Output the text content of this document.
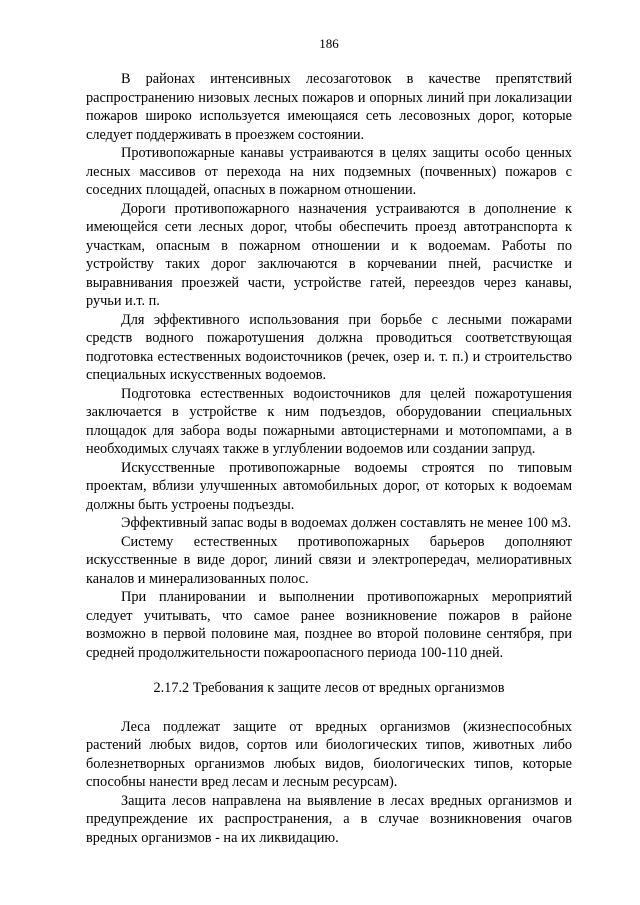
186

В районах интенсивных лесозаготовок в качестве препятствий распространению низовых лесных пожаров и опорных линий при локализации пожаров широко используется имеющаяся сеть лесовозных дорог, которые следует поддерживать в проезжем состоянии.

Противопожарные канавы устраиваются в целях защиты особо ценных лесных массивов от перехода на них подземных (почвенных) пожаров с соседних площадей, опасных в пожарном отношении.

Дороги противопожарного назначения устраиваются в дополнение к имеющейся сети лесных дорог, чтобы обеспечить проезд автотранспорта к участкам, опасным в пожарном отношении и к водоемам. Работы по устройству таких дорог заключаются в корчевании пней, расчистке и выравнивания проезжей части, устройстве гатей, переездов через канавы, ручьи и.т. п.

Для эффективного использования при борьбе с лесными пожарами средств водного пожаротушения должна проводиться соответствующая подготовка естественных водоисточников (речек, озер и. т. п.) и строительство специальных искусственных водоемов.

Подготовка естественных водоисточников для целей пожаротушения заключается в устройстве к ним подъездов, оборудовании специальных площадок для забора воды пожарными автоцистернами и мотопомпами, а в необходимых случаях также в углублении водоемов или создании запруд.

Искусственные противопожарные водоемы строятся по типовым проектам, вблизи улучшенных автомобильных дорог, от которых к водоемам должны быть устроены подъезды.

Эффективный запас воды в водоемах должен составлять не менее 100 м3.

Систему естественных противопожарных барьеров дополняют искусственные в виде дорог, линий связи и электропередач, мелиоративных каналов и минерализованных полос.

При планировании и выполнении противопожарных мероприятий следует учитывать, что самое ранее возникновение пожаров в районе возможно в первой половине мая, позднее во второй половине сентября, при средней продолжительности пожароопасного периода 100-110 дней.

2.17.2 Требования к защите лесов от вредных организмов

Леса подлежат защите от вредных организмов (жизнеспособных растений любых видов, сортов или биологических типов, животных либо болезнетворных организмов любых видов, биологических типов, которые способны нанести вред лесам и лесным ресурсам).

Защита лесов направлена на выявление в лесах вредных организмов и предупреждение их распространения, а в случае возникновения очагов вредных организмов - на их ликвидацию.
